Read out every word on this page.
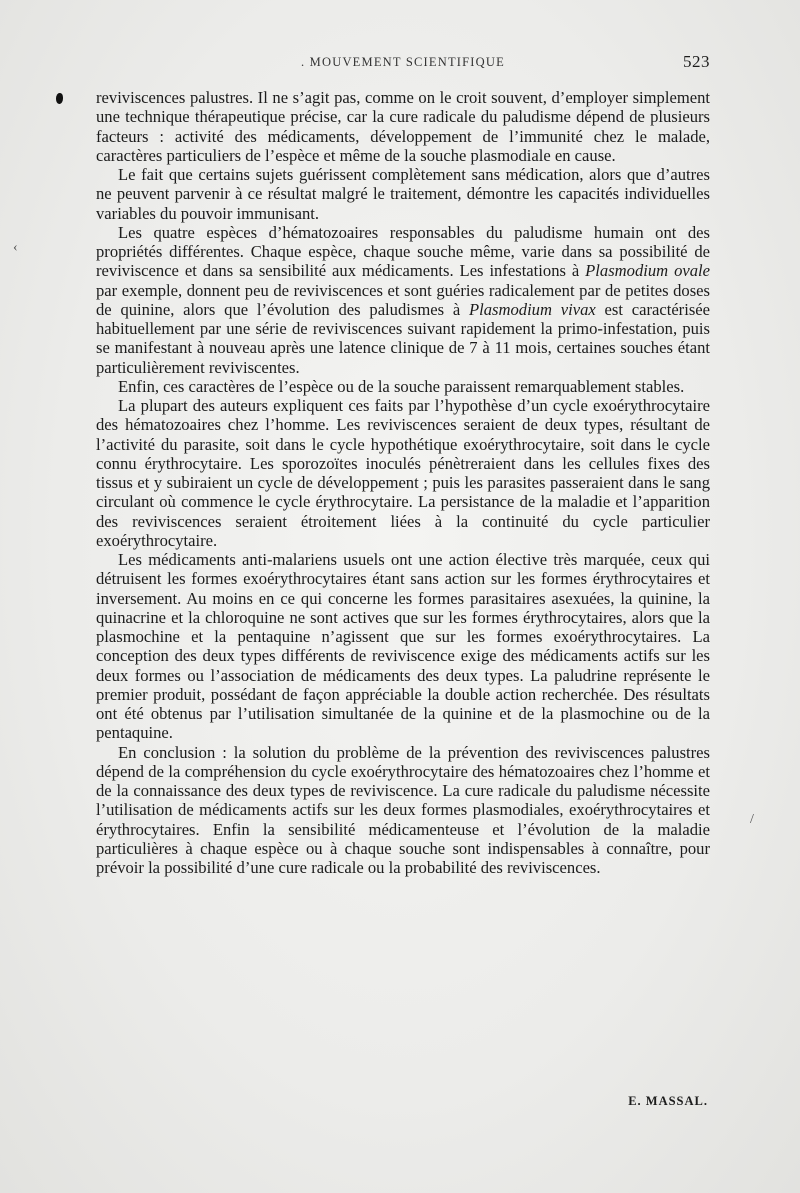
. MOUVEMENT SCIENTIFIQUE	523
‹
/

reviviscences palustres. Il ne s’agit pas, comme on le croit souvent, d’employer simplement une technique thérapeutique précise, car la cure radicale du paludisme dépend de plusieurs facteurs : activité des médicaments, développement de l’immunité chez le malade, caractères particuliers de l’espèce et même de la souche plasmodiale en cause.

Le fait que certains sujets guérissent complètement sans médication, alors que d’autres ne peuvent parvenir à ce résultat malgré le traitement, démontre les capacités individuelles variables du pouvoir immunisant.

Les quatre espèces d’hématozoaires responsables du paludisme humain ont des propriétés différentes. Chaque espèce, chaque souche même, varie dans sa possibilité de reviviscence et dans sa sensibilité aux médicaments. Les infestations à Plasmodium ovale par exemple, donnent peu de reviviscences et sont guéries radicalement par de petites doses de quinine, alors que l’évolution des paludismes à Plasmodium vivax est caractérisée habituellement par une série de reviviscences suivant rapidement la primo-infestation, puis se manifestant à nouveau après une latence clinique de 7 à 11 mois, certaines souches étant particulièrement reviviscentes.

Enfin, ces caractères de l’espèce ou de la souche paraissent remarquablement stables.

La plupart des auteurs expliquent ces faits par l’hypothèse d’un cycle exoérythrocytaire des hématozoaires chez l’homme. Les reviviscences seraient de deux types, résultant de l’activité du parasite, soit dans le cycle hypothétique exoérythrocytaire, soit dans le cycle connu érythrocytaire. Les sporozoïtes inoculés pénètreraient dans les cellules fixes des tissus et y subiraient un cycle de développement ; puis les parasites passeraient dans le sang circulant où commence le cycle érythrocytaire. La persistance de la maladie et l’apparition des reviviscences seraient étroitement liées à la continuité du cycle particulier exoérythrocytaire.

Les médicaments anti-malariens usuels ont une action élective très marquée, ceux qui détruisent les formes exoérythrocytaires étant sans action sur les formes érythrocytaires et inversement. Au moins en ce qui concerne les formes parasitaires asexuées, la quinine, la quinacrine et la chloroquine ne sont actives que sur les formes érythrocytaires, alors que la plasmochine et la pentaquine n’agissent que sur les formes exoérythrocytaires. La conception des deux types différents de reviviscence exige des médicaments actifs sur les deux formes ou l’association de médicaments des deux types. La paludrine représente le premier produit, possédant de façon appréciable la double action recherchée. Des résultats ont été obtenus par l’utilisation simultanée de la quinine et de la plasmochine ou de la pentaquine.

En conclusion : la solution du problème de la prévention des reviviscences palustres dépend de la compréhension du cycle exoérythrocytaire des hématozoaires chez l’homme et de la connaissance des deux types de reviviscence. La cure radicale du paludisme nécessite l’utilisation de médicaments actifs sur les deux formes plasmodiales, exoérythrocytaires et érythrocytaires. Enfin la sensibilité médicamenteuse et l’évolution de la maladie particulières à chaque espèce ou à chaque souche sont indispensables à connaître, pour prévoir la possibilité d’une cure radicale ou la probabilité des reviviscences.

E. MASSAL.
